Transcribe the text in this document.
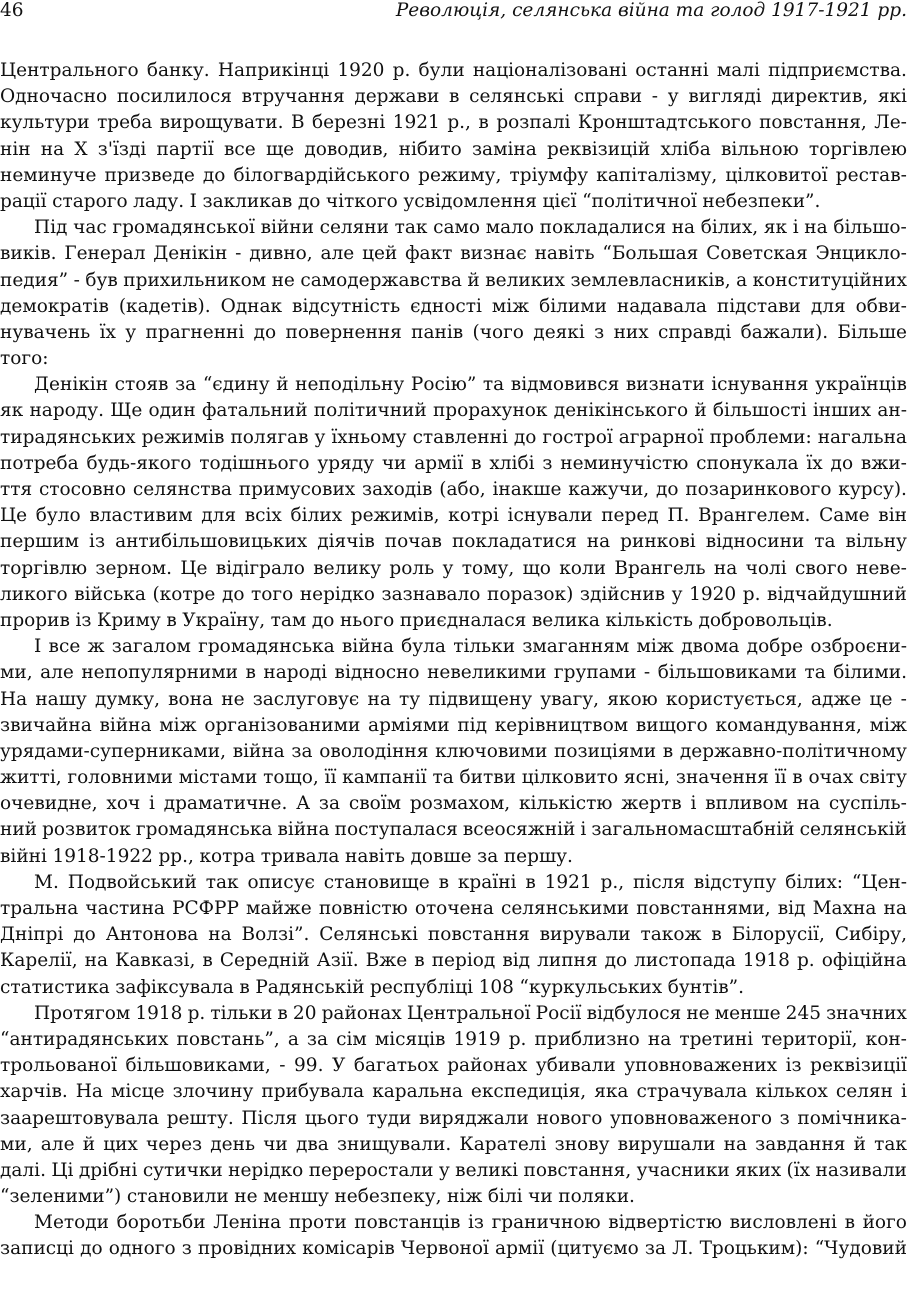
46	Революція, селянська війна та голод 1917-1921 рр.
Центрального банку. Наприкінці 1920 р. були націоналізовані останні малі підприємства.
Одночасно посилилося втручання держави в селянські справи - у вигляді директив, які
культури треба вирощувати. В березні 1921 р., в розпалі Кронштадтського повстання, Ле-
нін на X з'їзді партії все ще доводив, нібито заміна реквізицій хліба вільною торгівлею
неминуче призведе до білогвардійського режиму, тріумфу капіталізму, цілковитої рестав-
рації старого ладу. І закликав до чіткого усвідомлення цієї “політичної небезпеки”.
Під час громадянської війни селяни так само мало покладалися на білих, як і на більшо-
виків. Генерал Денікін - дивно, але цей факт визнає навіть “Большая Советская Энцикло-
педия” - був прихильником не самодержавства й великих землевласників, а конституційних
демократів (кадетів). Однак відсутність єдності між білими надавала підстави для обви-
нувачень їх у прагненні до повернення панів (чого деякі з них справді бажали). Більше
того:
Денікін стояв за “єдину й неподільну Росію” та відмовився визнати існування українців
як народу. Ще один фатальний політичний прорахунок денікінського й більшості інших ан-
тирадянських режимів полягав у їхньому ставленні до гострої аграрної проблеми: нагальна
потреба будь-якого тодішнього уряду чи армії в хлібі з неминучістю спонукала їх до вжи-
ття стосовно селянства примусових заходів (або, інакше кажучи, до позаринкового курсу).
Це було властивим для всіх білих режимів, котрі існували перед П. Врангелем. Саме він
першим із антибільшовицьких діячів почав покладатися на ринкові відносини та вільну
торгівлю зерном. Це відіграло велику роль у тому, що коли Врангель на чолі свого неве-
ликого війська (котре до того нерідко зазнавало поразок) здійснив у 1920 р. відчайдушний
прорив із Криму в Україну, там до нього приєдналася велика кількість добровольців.
І все ж загалом громадянська війна була тільки змаганням між двома добре озброєни-
ми, але непопулярними в народі відносно невеликими групами - більшовиками та білими.
На нашу думку, вона не заслуговує на ту підвищену увагу, якою користується, адже це -
звичайна війна між організованими арміями під керівництвом вищого командування, між
урядами-суперниками, війна за оволодіння ключовими позиціями в державно-політичному
житті, головними містами тощо, її кампанії та битви цілковито ясні, значення її в очах світу
очевидне, хоч і драматичне. А за своїм розмахом, кількістю жертв і впливом на суспіль-
ний розвиток громадянська війна поступалася всеосяжній і загальномасштабній селянській
війні 1918-1922 рр., котра тривала навіть довше за першу.
М. Подвойський так описує становище в країні в 1921 р., після відступу білих: “Цен-
тральна частина РСФРР майже повністю оточена селянськими повстаннями, від Махна на
Дніпрі до Антонова на Волзі”. Селянські повстання вирували також в Білорусії, Сибіру,
Карелії, на Кавказі, в Середній Азії. Вже в період від липня до листопада 1918 р. офіційна
статистика зафіксувала в Радянській республіці 108 “куркульських бунтів”.
Протягом 1918 р. тільки в 20 районах Центральної Росії відбулося не менше 245 значних
“антирадянських повстань”, а за сім місяців 1919 р. приблизно на третині території, кон-
трольованої більшовиками, - 99. У багатьох районах убивали уповноважених із реквізиції
харчів. На місце злочину прибувала каральна експедиція, яка страчувала кількох селян і
заарештовувала решту. Після цього туди виряджали нового уповноваженого з помічника-
ми, але й цих через день чи два знищували. Карателі знову вирушали на завдання й так
далі. Ці дрібні сутички нерідко переростали у великі повстання, учасники яких (їх називали
“зеленими”) становили не меншу небезпеку, ніж білі чи поляки.
Методи боротьби Леніна проти повстанців із граничною відвертістю висловлені в його
записці до одного з провідних комісарів Червоної армії (цитуємо за Л. Троцьким): “Чудовий
